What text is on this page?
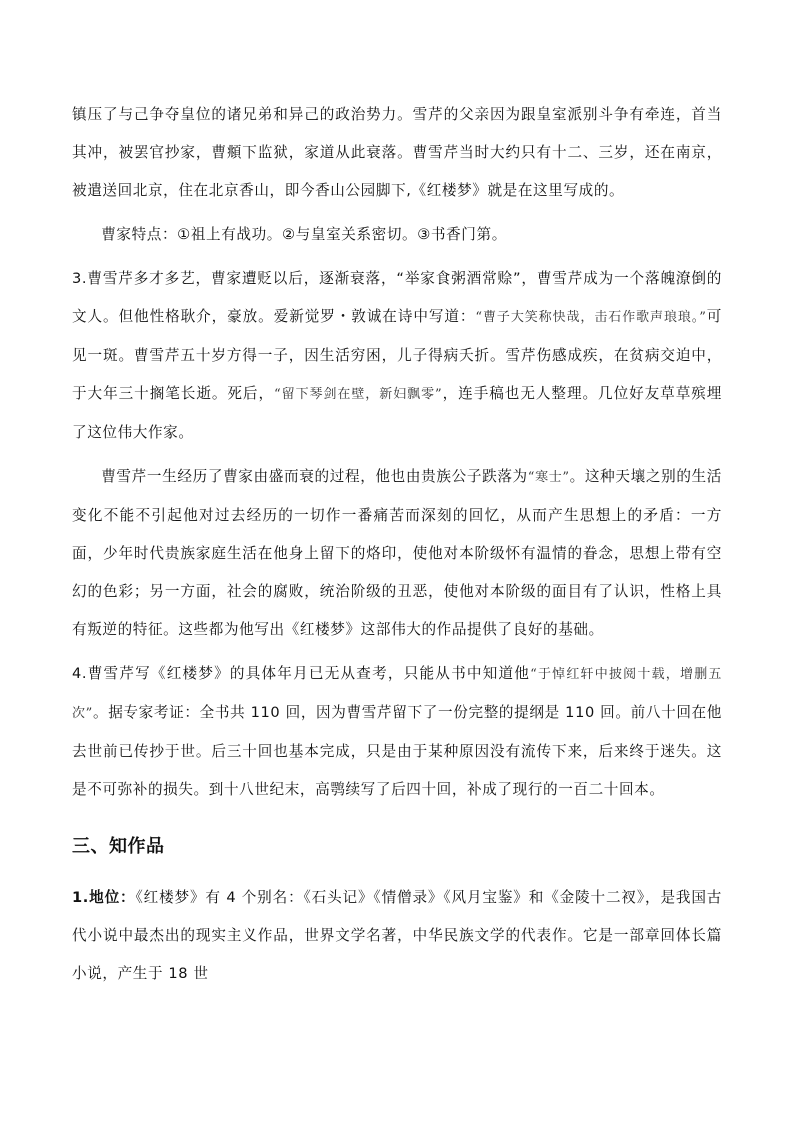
镇压了与己争夺皇位的诸兄弟和异己的政治势力。雪芹的父亲因为跟皇室派别斗争有牵连，首当其冲，被罢官抄家，曹頫下监狱，家道从此衰落。曹雪芹当时大约只有十二、三岁，还在南京，被遣送回北京，住在北京香山，即今香山公园脚下,《红楼梦》就是在这里写成的。

曹家特点：①祖上有战功。②与皇室关系密切。③书香门第。

3.曹雪芹多才多艺，曹家遭贬以后，逐渐衰落，“举家食粥酒常赊”，曹雪芹成为一个落魄潦倒的文人。但他性格耿介，豪放。爱新觉罗・敦诚在诗中写道：“曹子大笑称快哉，击石作歌声琅琅。”可见一斑。曹雪芹五十岁方得一子，因生活穷困，儿子得病夭折。雪芹伤感成疾，在贫病交迫中，于大年三十搁笔长逝。死后，“留下琴剑在壁，新妇飘零”，连手稿也无人整理。几位好友草草殡埋了这位伟大作家。

曹雪芹一生经历了曹家由盛而衰的过程，他也由贵族公子跌落为“寒士”。这种天壤之别的生活变化不能不引起他对过去经历的一切作一番痛苦而深刻的回忆，从而产生思想上的矛盾：一方面，少年时代贵族家庭生活在他身上留下的烙印，使他对本阶级怀有温情的眷念，思想上带有空幻的色彩；另一方面，社会的腐败，统治阶级的丑恶，使他对本阶级的面目有了认识，性格上具有叛逆的特征。这些都为他写出《红楼梦》这部伟大的作品提供了良好的基础。

4.曹雪芹写《红楼梦》的具体年月已无从查考，只能从书中知道他“于悼红轩中披阅十载，增删五次”。据专家考证：全书共 110 回，因为曹雪芹留下了一份完整的提纲是 110 回。前八十回在他去世前已传抄于世。后三十回也基本完成，只是由于某种原因没有流传下来，后来终于迷失。这是不可弥补的损失。到十八世纪末，高鹗续写了后四十回，补成了现行的一百二十回本。

三、知作品

1.地位：《红楼梦》有 4 个别名：《石头记》《情僧录》《风月宝鉴》和《金陵十二衩》，是我国古代小说中最杰出的现实主义作品，世界文学名著，中华民族文学的代表作。它是一部章回体长篇小说，产生于 18 世
